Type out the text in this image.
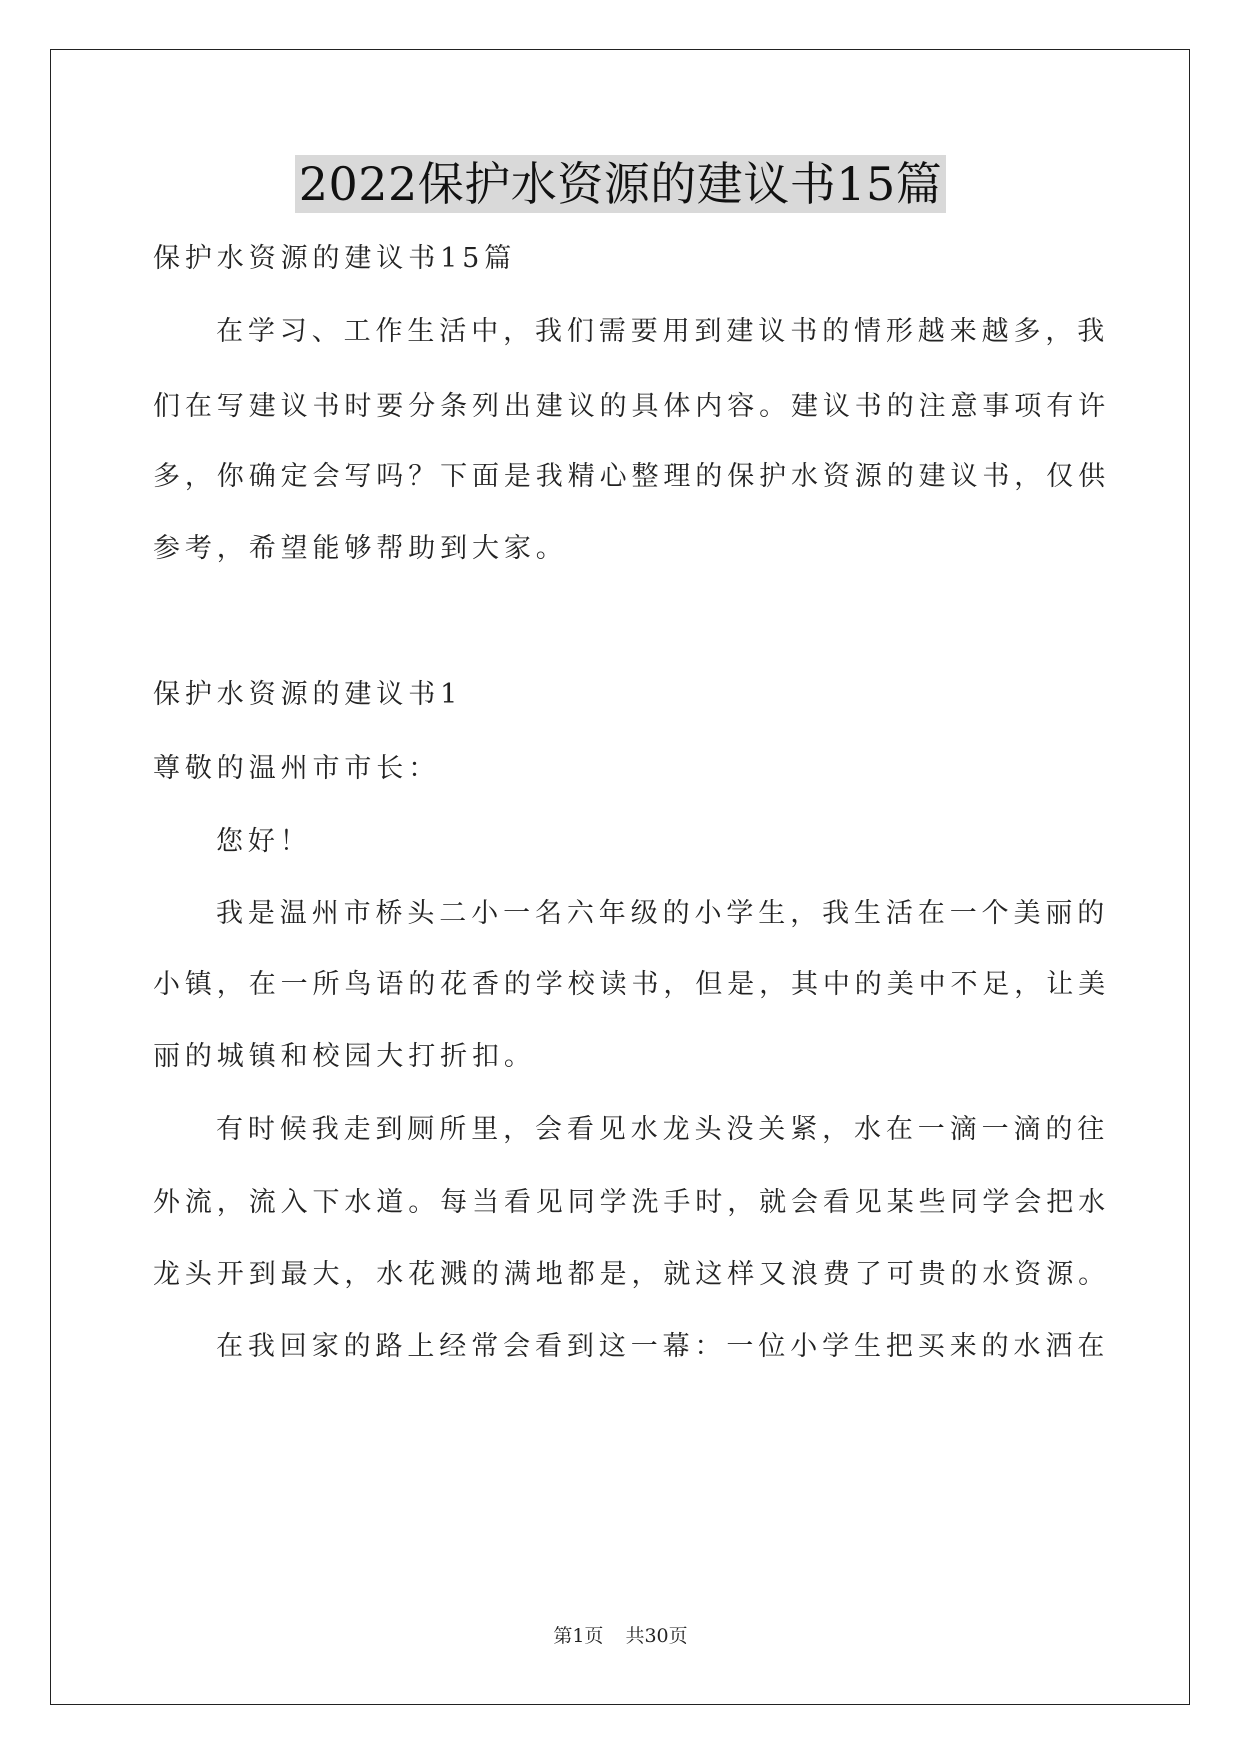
2022保护水资源的建议书15篇
保护水资源的建议书15篇
在学习、工作生活中，我们需要用到建议书的情形越来越多，我
们在写建议书时要分条列出建议的具体内容。建议书的注意事项有许
多，你确定会写吗？下面是我精心整理的保护水资源的建议书，仅供
参考，希望能够帮助到大家。
保护水资源的建议书1
尊敬的温州市市长：
您好！
我是温州市桥头二小一名六年级的小学生，我生活在一个美丽的
小镇，在一所鸟语的花香的学校读书，但是，其中的美中不足，让美
丽的城镇和校园大打折扣。
有时候我走到厕所里，会看见水龙头没关紧，水在一滴一滴的往
外流，流入下水道。每当看见同学洗手时，就会看见某些同学会把水
龙头开到最大，水花溅的满地都是，就这样又浪费了可贵的水资源。
在我回家的路上经常会看到这一幕：一位小学生把买来的水洒在
第1页 共30页
